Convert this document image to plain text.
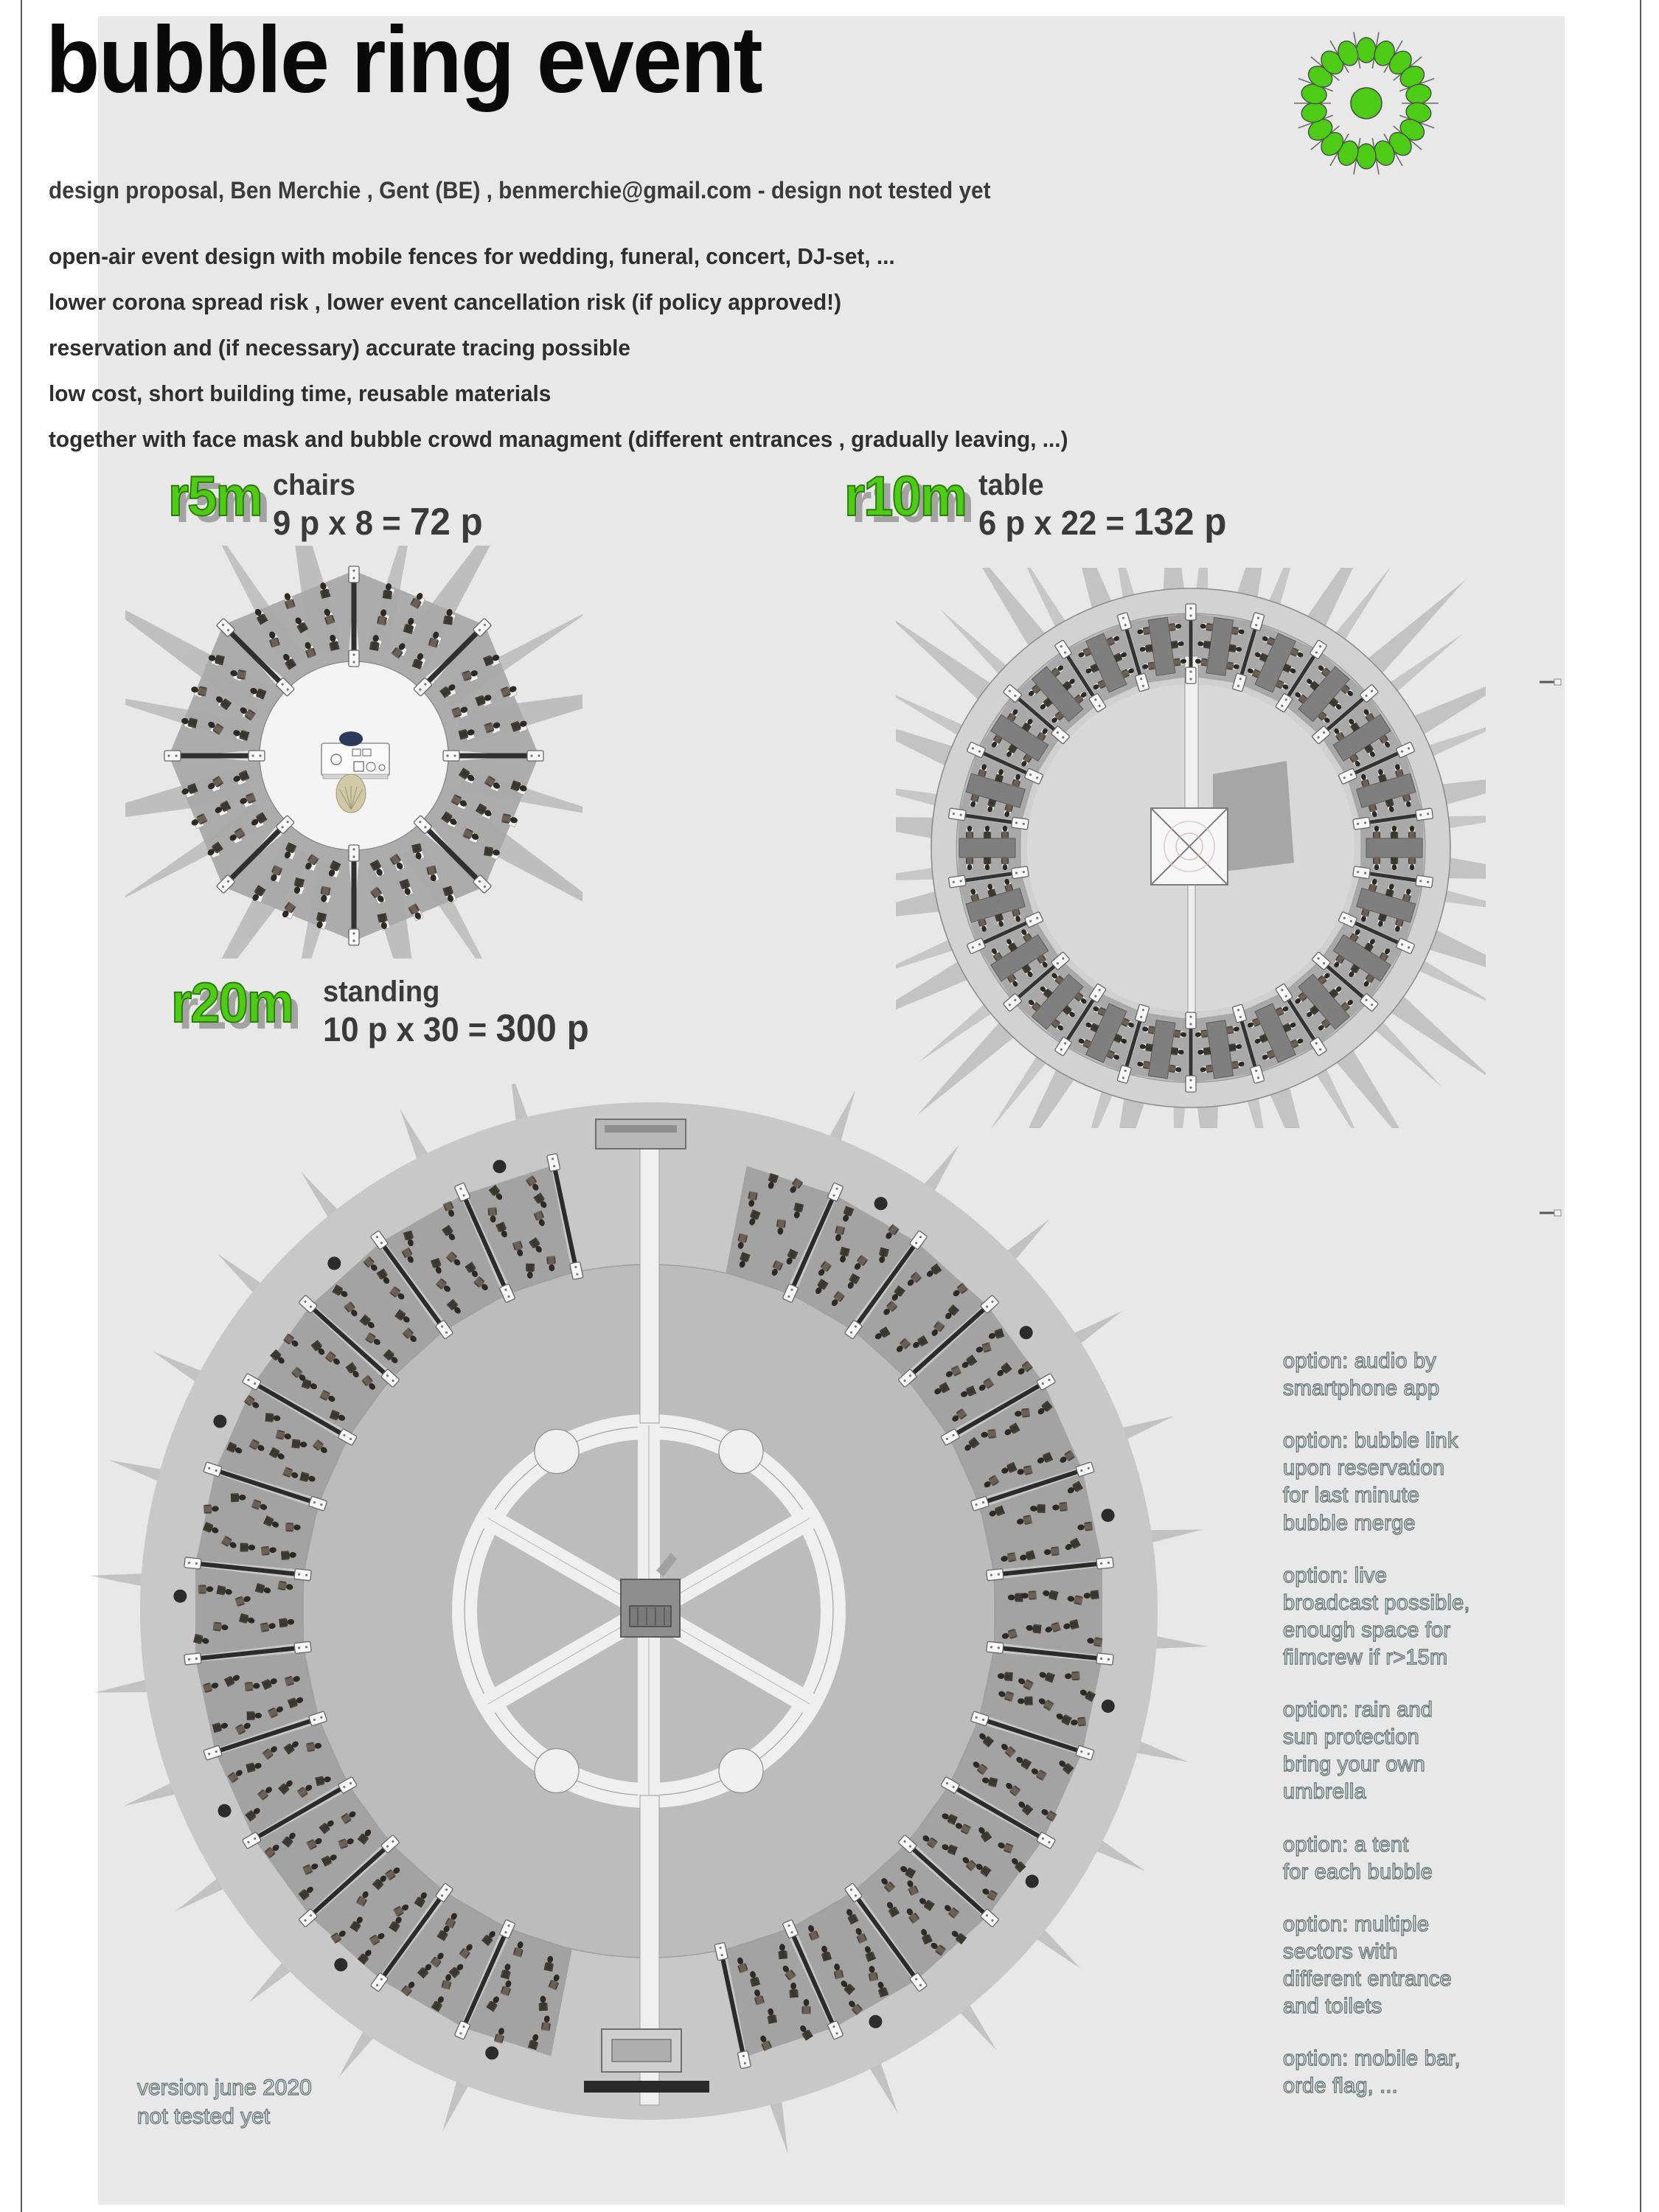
bubble ring event
design proposal, Ben Merchie , Gent (BE) , benmerchie@gmail.com - design not tested yet
open-air event design with mobile fences for wedding, funeral, concert, DJ-set, ...
lower corona spread risk , lower event cancellation risk (if policy approved!)
reservation and (if necessary) accurate tracing possible
low cost, short building time, reusable materials
together with face mask and bubble crowd managment (different entrances , gradually leaving, ...)
r5m chairs
9 p x 8 = 72 p	r10m table
6 p x 22 = 132 p
r20m standing
10 p x 30 = 300 p
option: audio by
smartphone app
option: bubble link
upon reservation
for last minute
bubble merge
option: live
broadcast possible,
enough space for
filmcrew if r>15m
option: rain and
sun protection
bring your own
umbrella
option: a tent
for each bubble
option: multiple
sectors with
different entrance
and toilets
option: mobile bar,
orde flag, ...
version june 2020
not tested yet
